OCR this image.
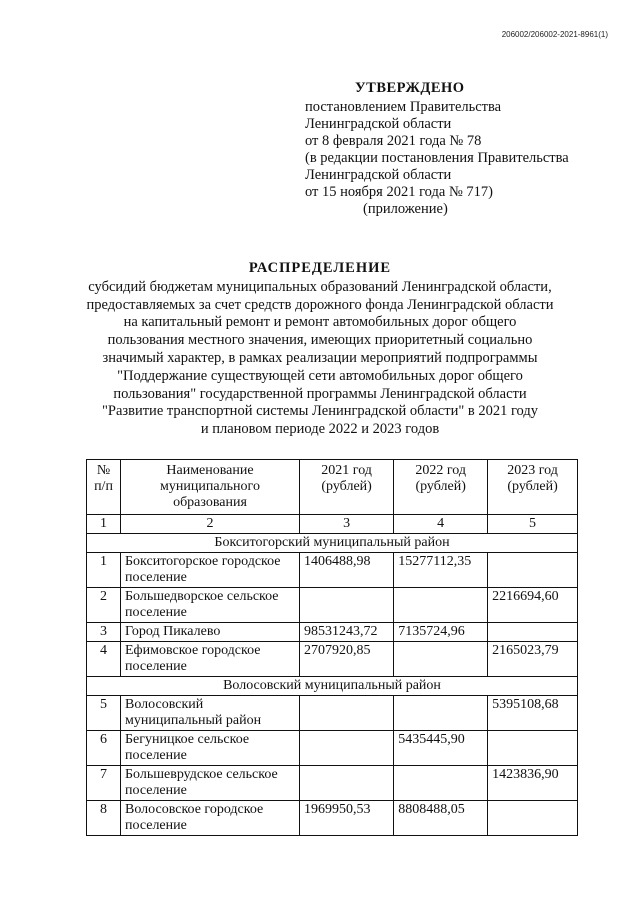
206002/206002-2021-8961(1)
УТВЕРЖДЕНО
постановлением Правительства
Ленинградской области
от 8 февраля 2021 года № 78
(в редакции постановления Правительства
Ленинградской области
от 15 ноября 2021 года № 717)
(приложение)
РАСПРЕДЕЛЕНИЕ
субсидий бюджетам муниципальных образований Ленинградской области,
предоставляемых за счет средств дорожного фонда Ленинградской области
на капитальный ремонт и ремонт автомобильных дорог общего
пользования местного значения, имеющих приоритетный социально
значимый характер, в рамках реализации мероприятий подпрограммы
"Поддержание существующей сети автомобильных дорог общего
пользования" государственной программы Ленинградской области
"Развитие транспортной системы Ленинградской области" в 2021 году
и плановом периоде 2022 и 2023 годов
№ п/п	Наименование муниципального образования	2021 год (рублей)	2022 год (рублей)	2023 год (рублей)
1	2	3	4	5
Бокситогорский муниципальный район				
1	Бокситогорское городское поселение	1406488,98	15277112,35	
2	Большедворское сельское поселение			2216694,60
3	Город Пикалево	98531243,72	7135724,96	
4	Ефимовское городское поселение	2707920,85		2165023,79
Волосовский муниципальный район				
5	Волосовский муниципальный район			5395108,68
6	Бегуницкое сельское поселение		5435445,90	
7	Большеврудское сельское поселение			1423836,90
8	Волосовское городское поселение	1969950,53	8808488,05	
